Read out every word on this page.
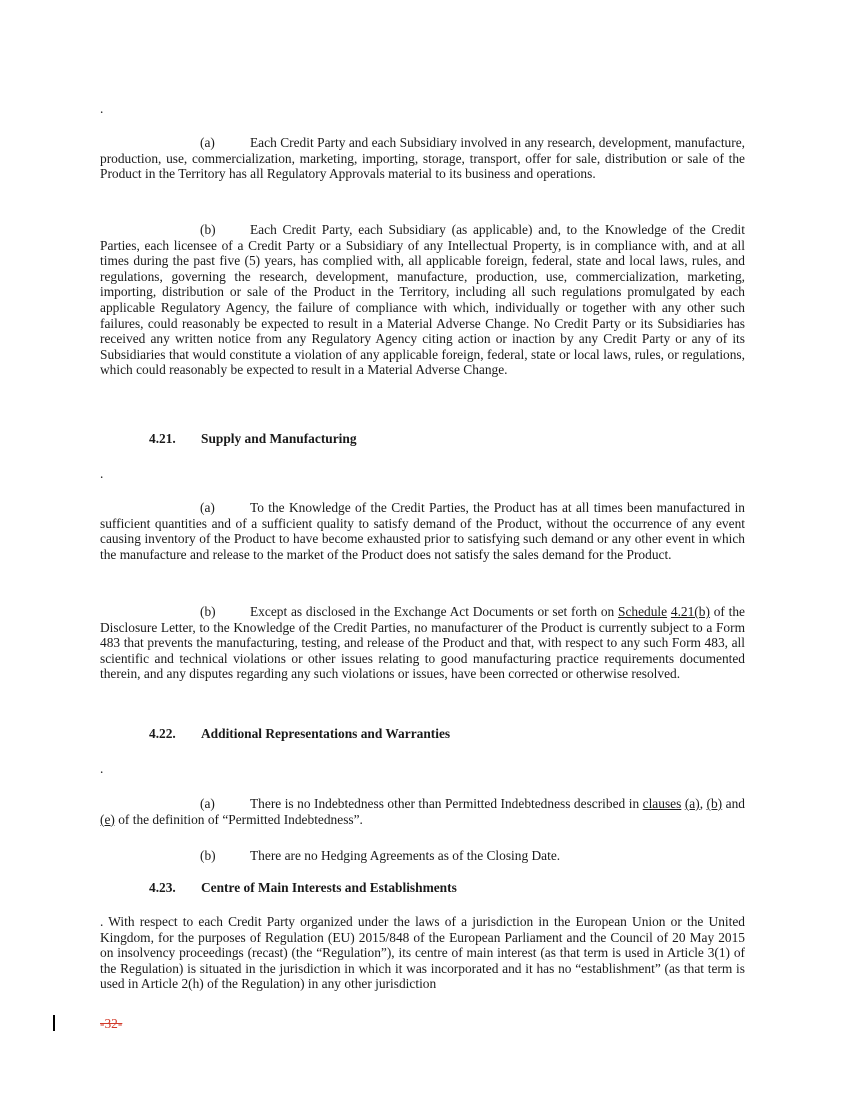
.

(a)	Each Credit Party and each Subsidiary involved in any research, development, manufacture, production, use, commercialization, marketing, importing, storage, transport, offer for sale, distribution or sale of the Product in the Territory has all Regulatory Approvals material to its business and operations.

(b)	Each Credit Party, each Subsidiary (as applicable) and, to the Knowledge of the Credit Parties, each licensee of a Credit Party or a Subsidiary of any Intellectual Property, is in compliance with, and at all times during the past five (5) years, has complied with, all applicable foreign, federal, state and local laws, rules, and regulations, governing the research, development, manufacture, production, use, commercialization, marketing, importing, distribution or sale of the Product in the Territory, including all such regulations promulgated by each applicable Regulatory Agency, the failure of compliance with which, individually or together with any other such failures, could reasonably be expected to result in a Material Adverse Change. No Credit Party or its Subsidiaries has received any written notice from any Regulatory Agency citing action or inaction by any Credit Party or any of its Subsidiaries that would constitute a violation of any applicable foreign, federal, state or local laws, rules, or regulations, which could reasonably be expected to result in a Material Adverse Change.

4.21. Supply and Manufacturing
.

(a)	To the Knowledge of the Credit Parties, the Product has at all times been manufactured in sufficient quantities and of a sufficient quality to satisfy demand of the Product, without the occurrence of any event causing inventory of the Product to have become exhausted prior to satisfying such demand or any other event in which the manufacture and release to the market of the Product does not satisfy the sales demand for the Product.

(b)	Except as disclosed in the Exchange Act Documents or set forth on Schedule 4.21(b) of the Disclosure Letter, to the Knowledge of the Credit Parties, no manufacturer of the Product is currently subject to a Form 483 that prevents the manufacturing, testing, and release of the Product and that, with respect to any such Form 483, all scientific and technical violations or other issues relating to good manufacturing practice requirements documented therein, and any disputes regarding any such violations or issues, have been corrected or otherwise resolved.

4.22. Additional Representations and Warranties
.

(a)	There is no Indebtedness other than Permitted Indebtedness described in clauses (a), (b) and (e) of the definition of “Permitted Indebtedness”.

(b)	There are no Hedging Agreements as of the Closing Date.

4.23. Centre of Main Interests and Establishments

. With respect to each Credit Party organized under the laws of a jurisdiction in the European Union or the United Kingdom, for the purposes of Regulation (EU) 2015/848 of the European Parliament and the Council of 20 May 2015 on insolvency proceedings (recast) (the “Regulation”), its centre of main interest (as that term is used in Article 3(1) of the Regulation) is situated in the jurisdiction in which it was incorporated and it has no “establishment” (as that term is used in Article 2(h) of the Regulation) in any other jurisdiction

-32-
